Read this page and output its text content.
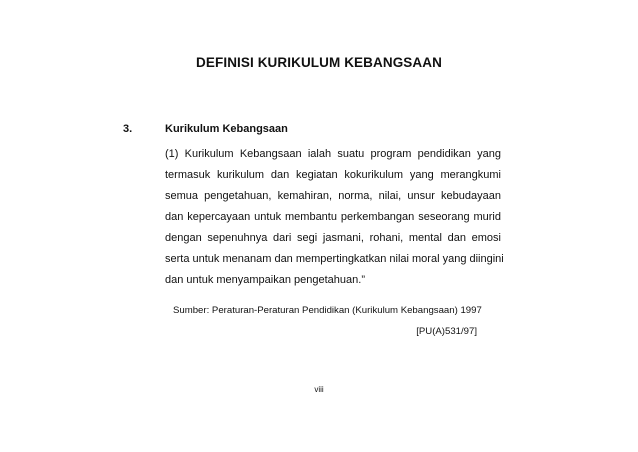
DEFINISI KURIKULUM KEBANGSAAN
3.	Kurikulum Kebangsaan
(1) Kurikulum Kebangsaan ialah suatu program pendidikan yang
termasuk kurikulum dan kegiatan kokurikulum yang merangkumi
semua pengetahuan, kemahiran, norma, nilai, unsur kebudayaan
dan kepercayaan untuk membantu perkembangan seseorang murid
dengan sepenuhnya dari segi jasmani, rohani, mental dan emosi
serta untuk menanam dan mempertingkatkan nilai moral yang diingini
dan untuk menyampaikan pengetahuan.”
Sumber: Peraturan-Peraturan Pendidikan (Kurikulum Kebangsaan) 1997
[PU(A)531/97]
viii
